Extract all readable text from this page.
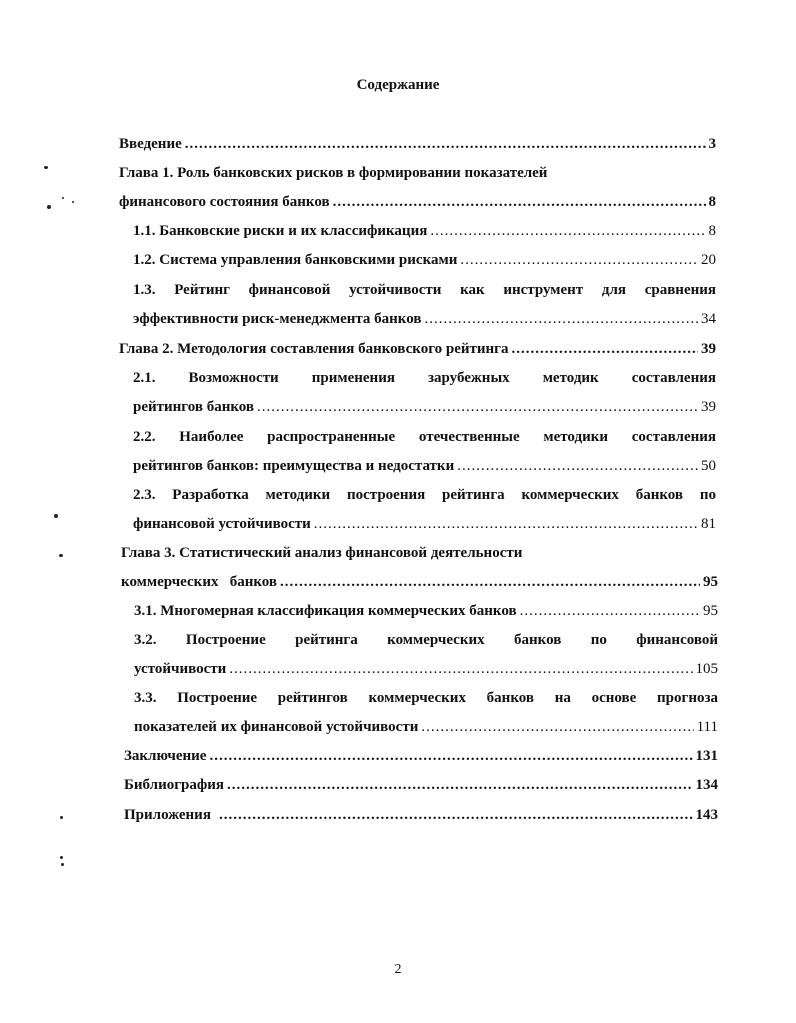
Содержание
Введение .....	3
Глава 1. Роль банковских рисков в формировании показателей
финансового состояния банков .....	8
1.1. Банковские риски и их классификация .....	8
1.2. Система управления банковскими рисками .....	20
1.3. Рейтинг финансовой устойчивости как инструмент для сравнения
эффективности риск-менеджмента банков .....	34
Глава 2. Методология составления банковского рейтинга .....	39
2.1. Возможности применения зарубежных методик составления
рейтингов банков .....	39
2.2. Наиболее распространенные отечественные методики составления
рейтингов банков: преимущества и недостатки .....	50
2.3. Разработка методики построения рейтинга коммерческих банков по
финансовой устойчивости .....	81
Глава 3. Статистический анализ финансовой деятельности
коммерческих   банков .....	95
3.1. Многомерная классификация коммерческих банков .....	95
3.2. Построение рейтинга коммерческих банков по финансовой
устойчивости .....	105
3.3. Построение рейтингов коммерческих банков на основе прогноза
показателей их финансовой устойчивости .....	111
Заключение .....	131
Библиография .....	134
Приложения .....	143
2
